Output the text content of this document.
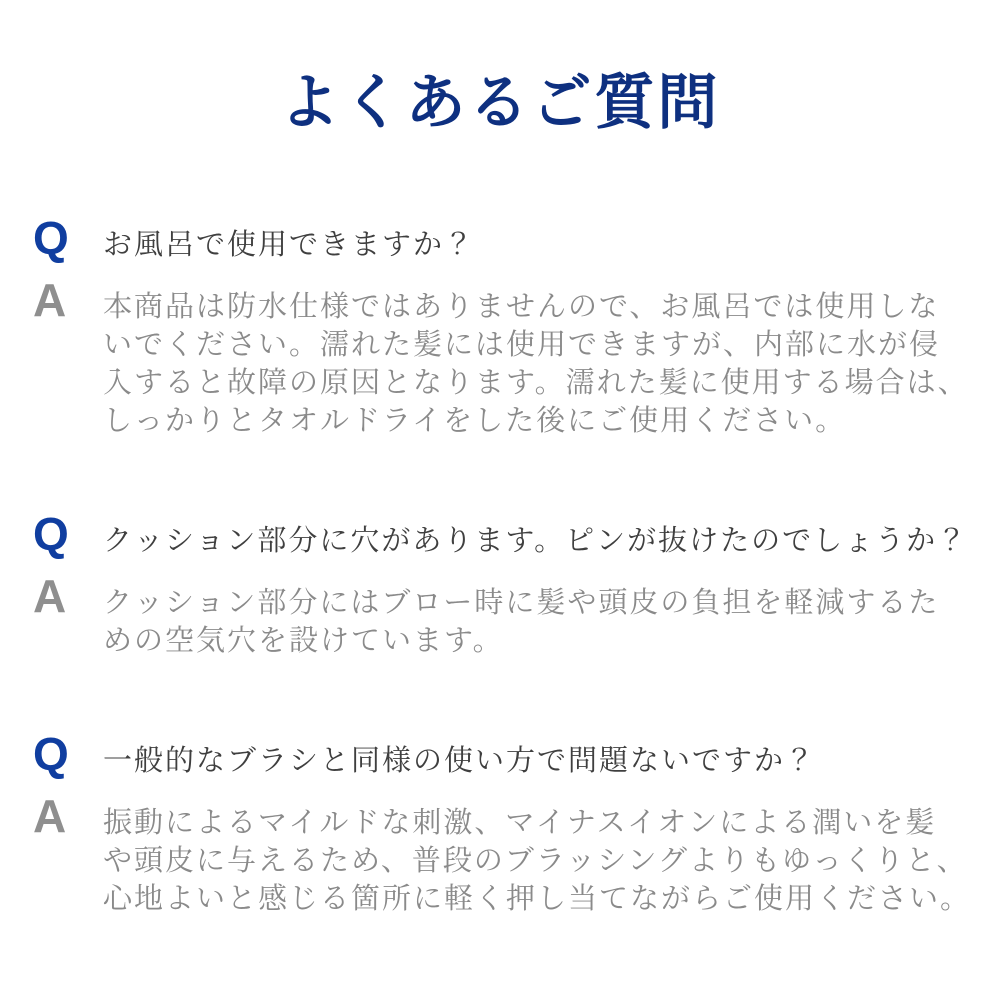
よくあるご質問
Q	お風呂で使用できますか？
A	本商品は防水仕様ではありませんので、お風呂では使用しな
いでください。濡れた髪には使用できますが、内部に水が侵
入すると故障の原因となります。濡れた髪に使用する場合は、
しっかりとタオルドライをした後にご使用ください。
Q	クッション部分に穴があります。ピンが抜けたのでしょうか？
A	クッション部分にはブロー時に髪や頭皮の負担を軽減するた
めの空気穴を設けています。
Q	一般的なブラシと同様の使い方で問題ないですか？
A	振動によるマイルドな刺激、マイナスイオンによる潤いを髪
や頭皮に与えるため、普段のブラッシングよりもゆっくりと、
心地よいと感じる箇所に軽く押し当てながらご使用ください。
